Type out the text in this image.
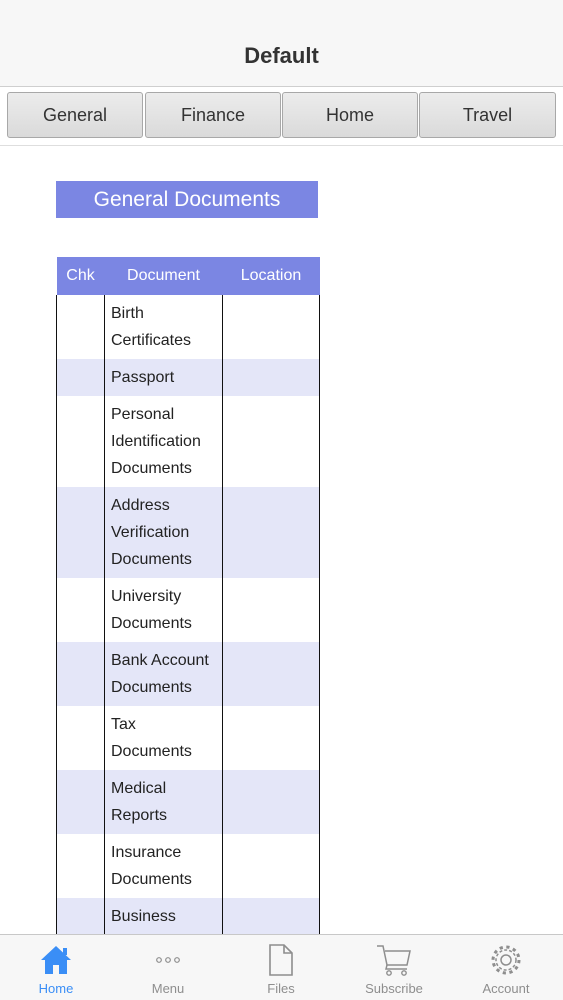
Default
General	Finance	Home	Travel
General Documents
Chk	Document	Location
	Birth Certificates	
	Passport	
	Personal Identification Documents	
	Address Verification Documents	
	University Documents	
	Bank Account Documents	
	Tax Documents	
	Medical Reports	
	Insurance Documents	
	Business	
Home	Menu	Files	Subscribe	Account
